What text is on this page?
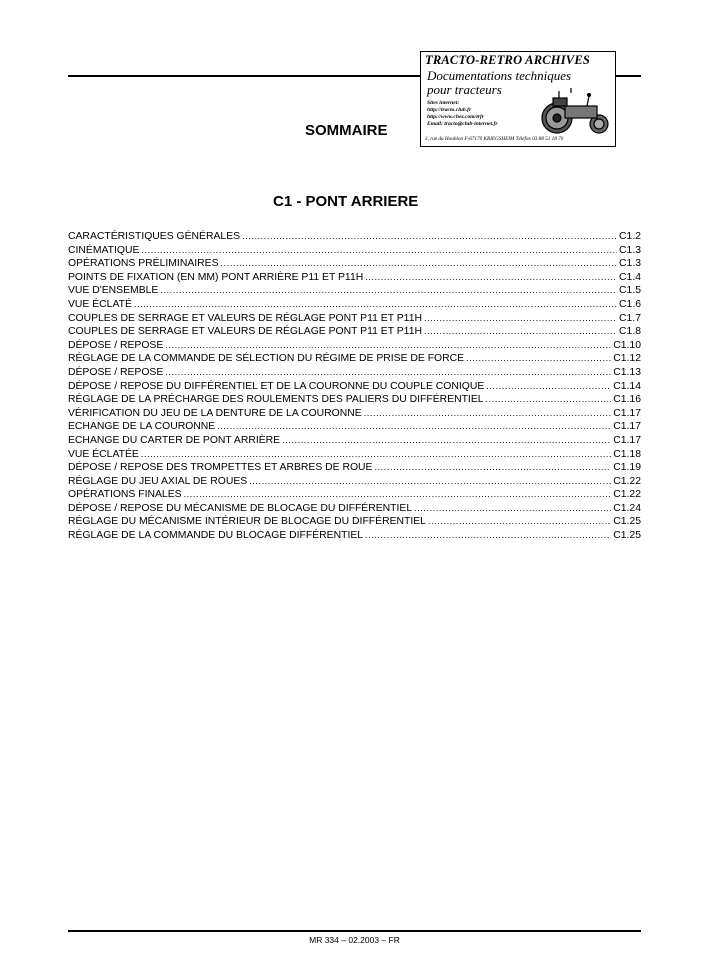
TRACTO-RETRO ARCHIVES
Documentations techniques
pour tracteurs
Sites internet:
http://tracto.club.fr
http://www.chez.com/trfr
Email: tracto@club-internet.fr
3, rue du Houblon F-67170 KRIEGSHEIM Téléfax 03 88 51 18 70
SOMMAIRE
C1 - PONT ARRIERE
CARACTÉRISTIQUES GÉNÉRALES .....	C1.2
CINÉMATIQUE .....	C1.3
OPÉRATIONS PRÉLIMINAIRES .....	C1.3
POINTS DE FIXATION (EN MM) PONT ARRIÈRE P11 ET P11H .....	C1.4
VUE D'ENSEMBLE .....	C1.5
VUE ÉCLATÉ .....	C1.6
COUPLES DE SERRAGE ET VALEURS DE RÉGLAGE PONT P11 ET P11H .....	C1.7
COUPLES DE SERRAGE ET VALEURS DE RÉGLAGE PONT P11 ET P11H .....	C1.8
DÉPOSE / REPOSE .....	C1.10
RÉGLAGE DE LA COMMANDE DE SÉLECTION DU RÉGIME DE PRISE DE FORCE .....	C1.12
DÉPOSE / REPOSE .....	C1.13
DÉPOSE / REPOSE DU DIFFÉRENTIEL ET DE LA COURONNE DU COUPLE CONIQUE .....	C1.14
RÉGLAGE DE LA PRÉCHARGE DES ROULEMENTS DES PALIERS DU DIFFÉRENTIEL .....	C1.16
VÉRIFICATION DU JEU DE LA DENTURE DE LA COURONNE .....	C1.17
ECHANGE DE LA COURONNE .....	C1.17
ECHANGE DU CARTER DE PONT ARRIÈRE .....	C1.17
VUE ÉCLATÉE .....	C1.18
DÉPOSE / REPOSE DES TROMPETTES ET ARBRES DE ROUE .....	C1.19
RÉGLAGE DU JEU AXIAL DE ROUES .....	C1.22
OPÉRATIONS FINALES .....	C1.22
DÉPOSE / REPOSE DU MÉCANISME DE BLOCAGE DU DIFFÉRENTIEL .....	C1.24
RÉGLAGE DU MÉCANISME INTÉRIEUR DE BLOCAGE DU DIFFÉRENTIEL .....	C1.25
RÉGLAGE DE LA COMMANDE DU BLOCAGE DIFFÉRENTIEL .....	C1.25
MR 334 – 02.2003 – FR
